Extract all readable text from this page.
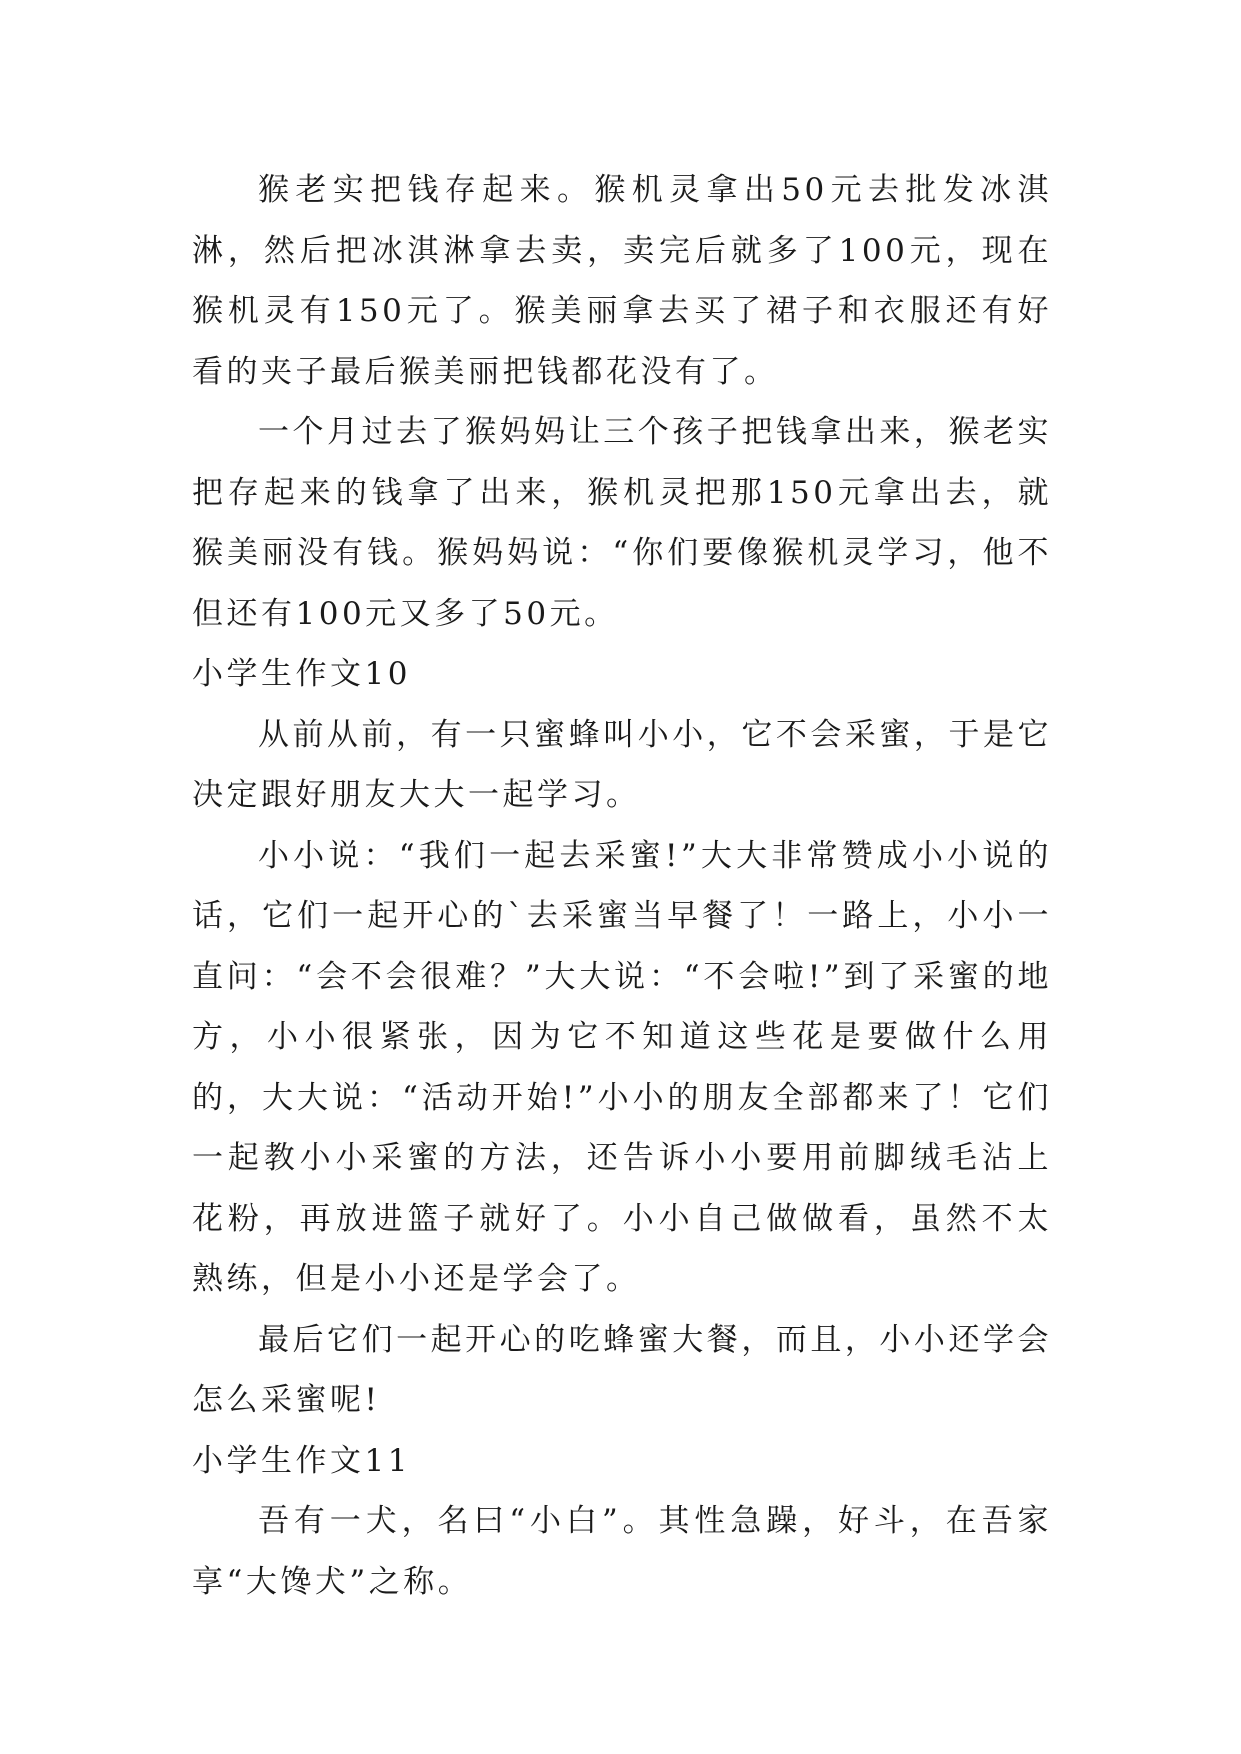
猴老实把钱存起来。猴机灵拿出50元去批发冰淇淋，然后把冰淇淋拿去卖，卖完后就多了100元，现在猴机灵有150元了。猴美丽拿去买了裙子和衣服还有好看的夹子最后猴美丽把钱都花没有了。

一个月过去了猴妈妈让三个孩子把钱拿出来，猴老实把存起来的钱拿了出来，猴机灵把那150元拿出去，就猴美丽没有钱。猴妈妈说：“你们要像猴机灵学习，他不但还有100元又多了50元。

小学生作文10

从前从前，有一只蜜蜂叫小小，它不会采蜜，于是它决定跟好朋友大大一起学习。

小小说：“我们一起去采蜜!”大大非常赞成小小说的话，它们一起开心的`去采蜜当早餐了！一路上，小小一直问：“会不会很难？”大大说：“不会啦!”到了采蜜的地方，小小很紧张，因为它不知道这些花是要做什么用的，大大说：“活动开始!”小小的朋友全部都来了！它们一起教小小采蜜的方法，还告诉小小要用前脚绒毛沾上花粉，再放进篮子就好了。小小自己做做看，虽然不太熟练，但是小小还是学会了。

最后它们一起开心的吃蜂蜜大餐，而且，小小还学会怎么采蜜呢!

小学生作文11

吾有一犬，名曰“小白”。其性急躁，好斗，在吾家享“大馋犬”之称。
